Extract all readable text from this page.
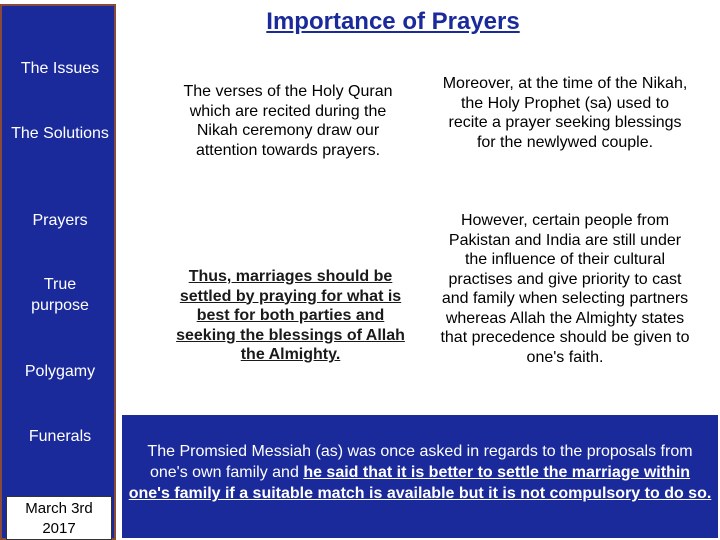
Importance of Prayers
The Issues
The Solutions
Prayers
True purpose
Polygamy
Funerals
March 3rd 2017
The verses of the Holy Quran which are recited during the Nikah ceremony draw our attention towards prayers.
Moreover, at the time of the Nikah, the Holy Prophet (sa) used to recite a prayer seeking blessings for the newlywed couple.
Thus, marriages should be settled by praying for what is best for both parties and seeking the blessings of Allah the Almighty.
However, certain people from Pakistan and India are still under the influence of their cultural practises and give priority to cast and family when selecting partners whereas Allah the Almighty states that precedence should be given to one's faith.
The Promsied Messiah (as) was once asked in regards to the proposals from one's own family and he said that it is better to settle the marriage within one's family if a suitable match is available but it is not compulsory to do so.
